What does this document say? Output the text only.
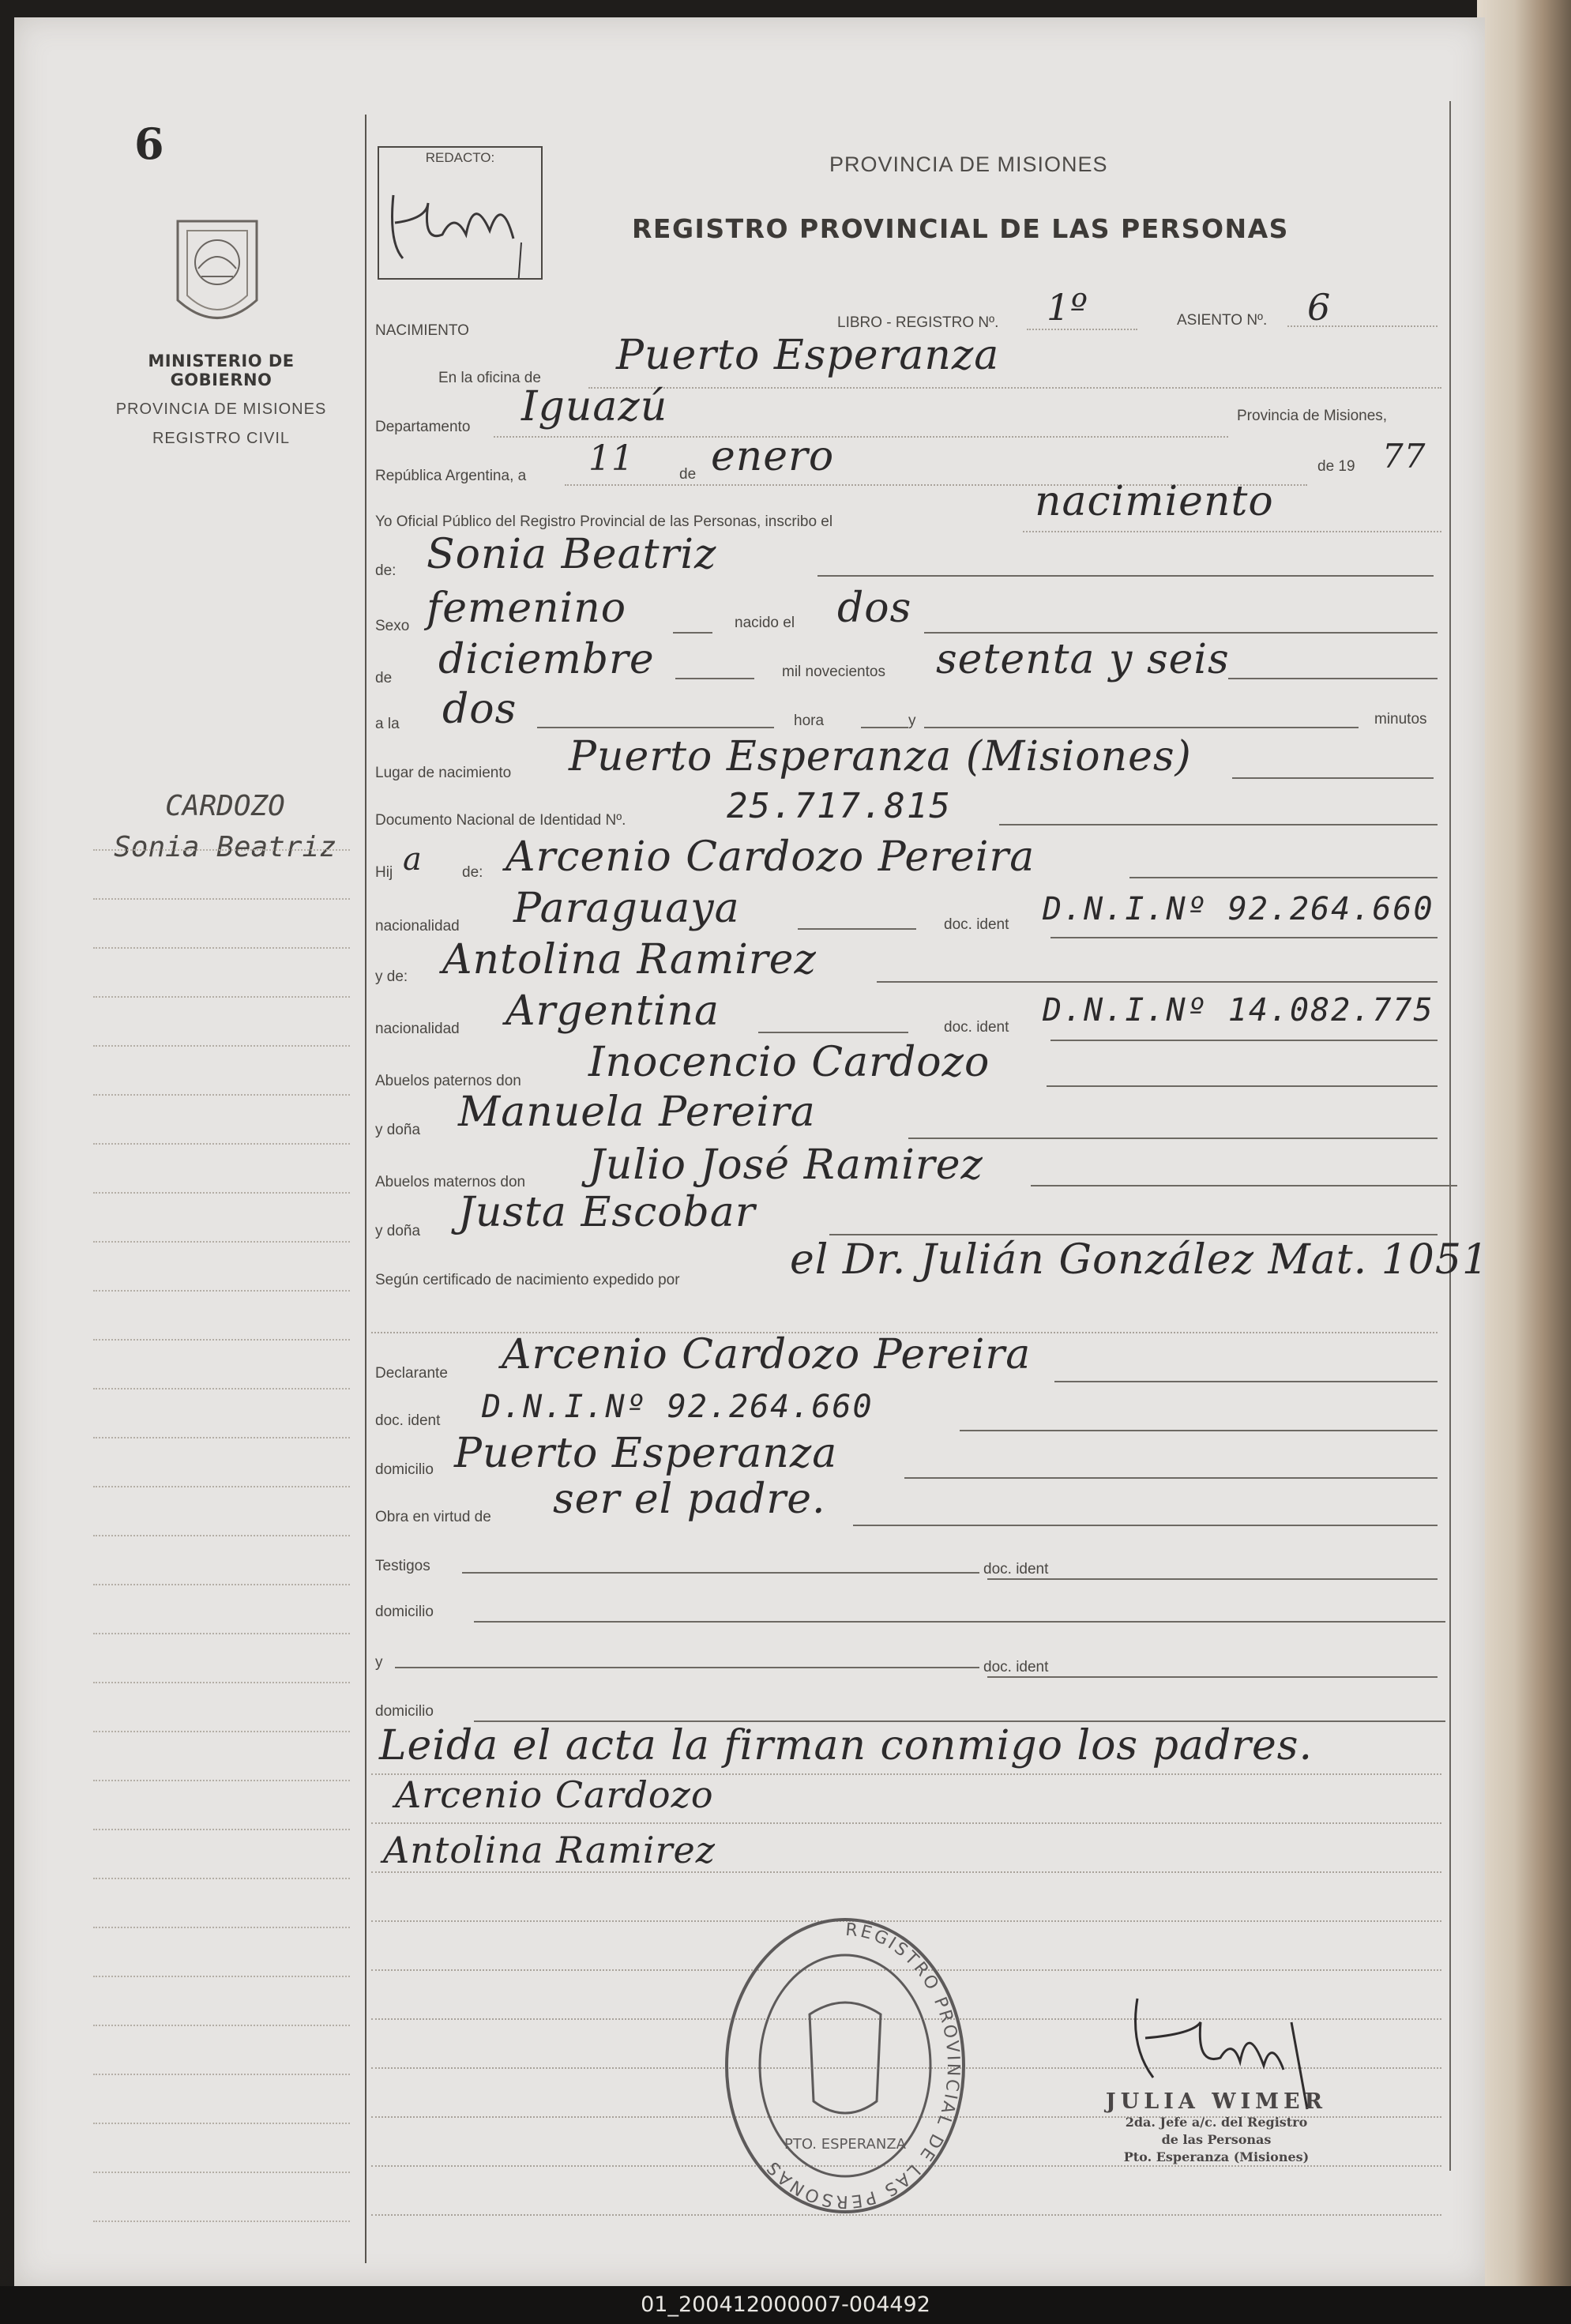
6
MINISTERIO DE GOBIERNO
PROVINCIA DE MISIONES
REGISTRO CIVIL
CARDOZO
Sonia Beatriz
REDACTO:	PROVINCIA DE MISIONES
REGISTRO PROVINCIAL DE LAS PERSONAS
NACIMIENTO	LIBRO - REGISTRO Nº. 1º	ASIENTO Nº. 6
En la oficina de Puerto Esperanza
Departamento Iguazú	Provincia de Misiones,
República Argentina, a 11	de enero	de 19 77
Yo Oficial Público del Registro Provincial de las Personas, inscribo el	nacimiento
de: Sonia Beatriz
Sexo femenino	nacido el dos
de diciembre	mil novecientos setenta y seis
a la dos	hora	y	minutos
Lugar de nacimiento Puerto Esperanza (Misiones)
Documento Nacional de Identidad Nº.	25.717.815
Hij a	de: Arcenio Cardozo Pereira
nacionalidad Paraguaya	doc. ident D.N.I.Nº 92.264.660
y de: Antolina Ramirez
nacionalidad Argentina	doc. ident D.N.I.Nº 14.082.775
Abuelos paternos don Inocencio Cardozo
y doña Manuela Pereira
Abuelos maternos don Julio José Ramirez
y doña Justa Escobar
Según certificado de nacimiento expedido por	el Dr. Julián González Mat. 1051
Declarante Arcenio Cardozo Pereira
doc. ident D.N.I.Nº 92.264.660
domicilio Puerto Esperanza
Obra en virtud de ser el padre.
Testigos	doc. ident
domicilio
y	doc. ident
domicilio
Leida el acta la firman conmigo los padres.
Arcenio Cardozo
Antolina Ramirez
REGISTRO PROVINCIAL DE LAS PERSONAS
PTO. ESPERANZA
JULIA WIMER
2da. Jefe a/c. del Registro
de las Personas
Pto. Esperanza (Misiones)
01_200412000007-004492
